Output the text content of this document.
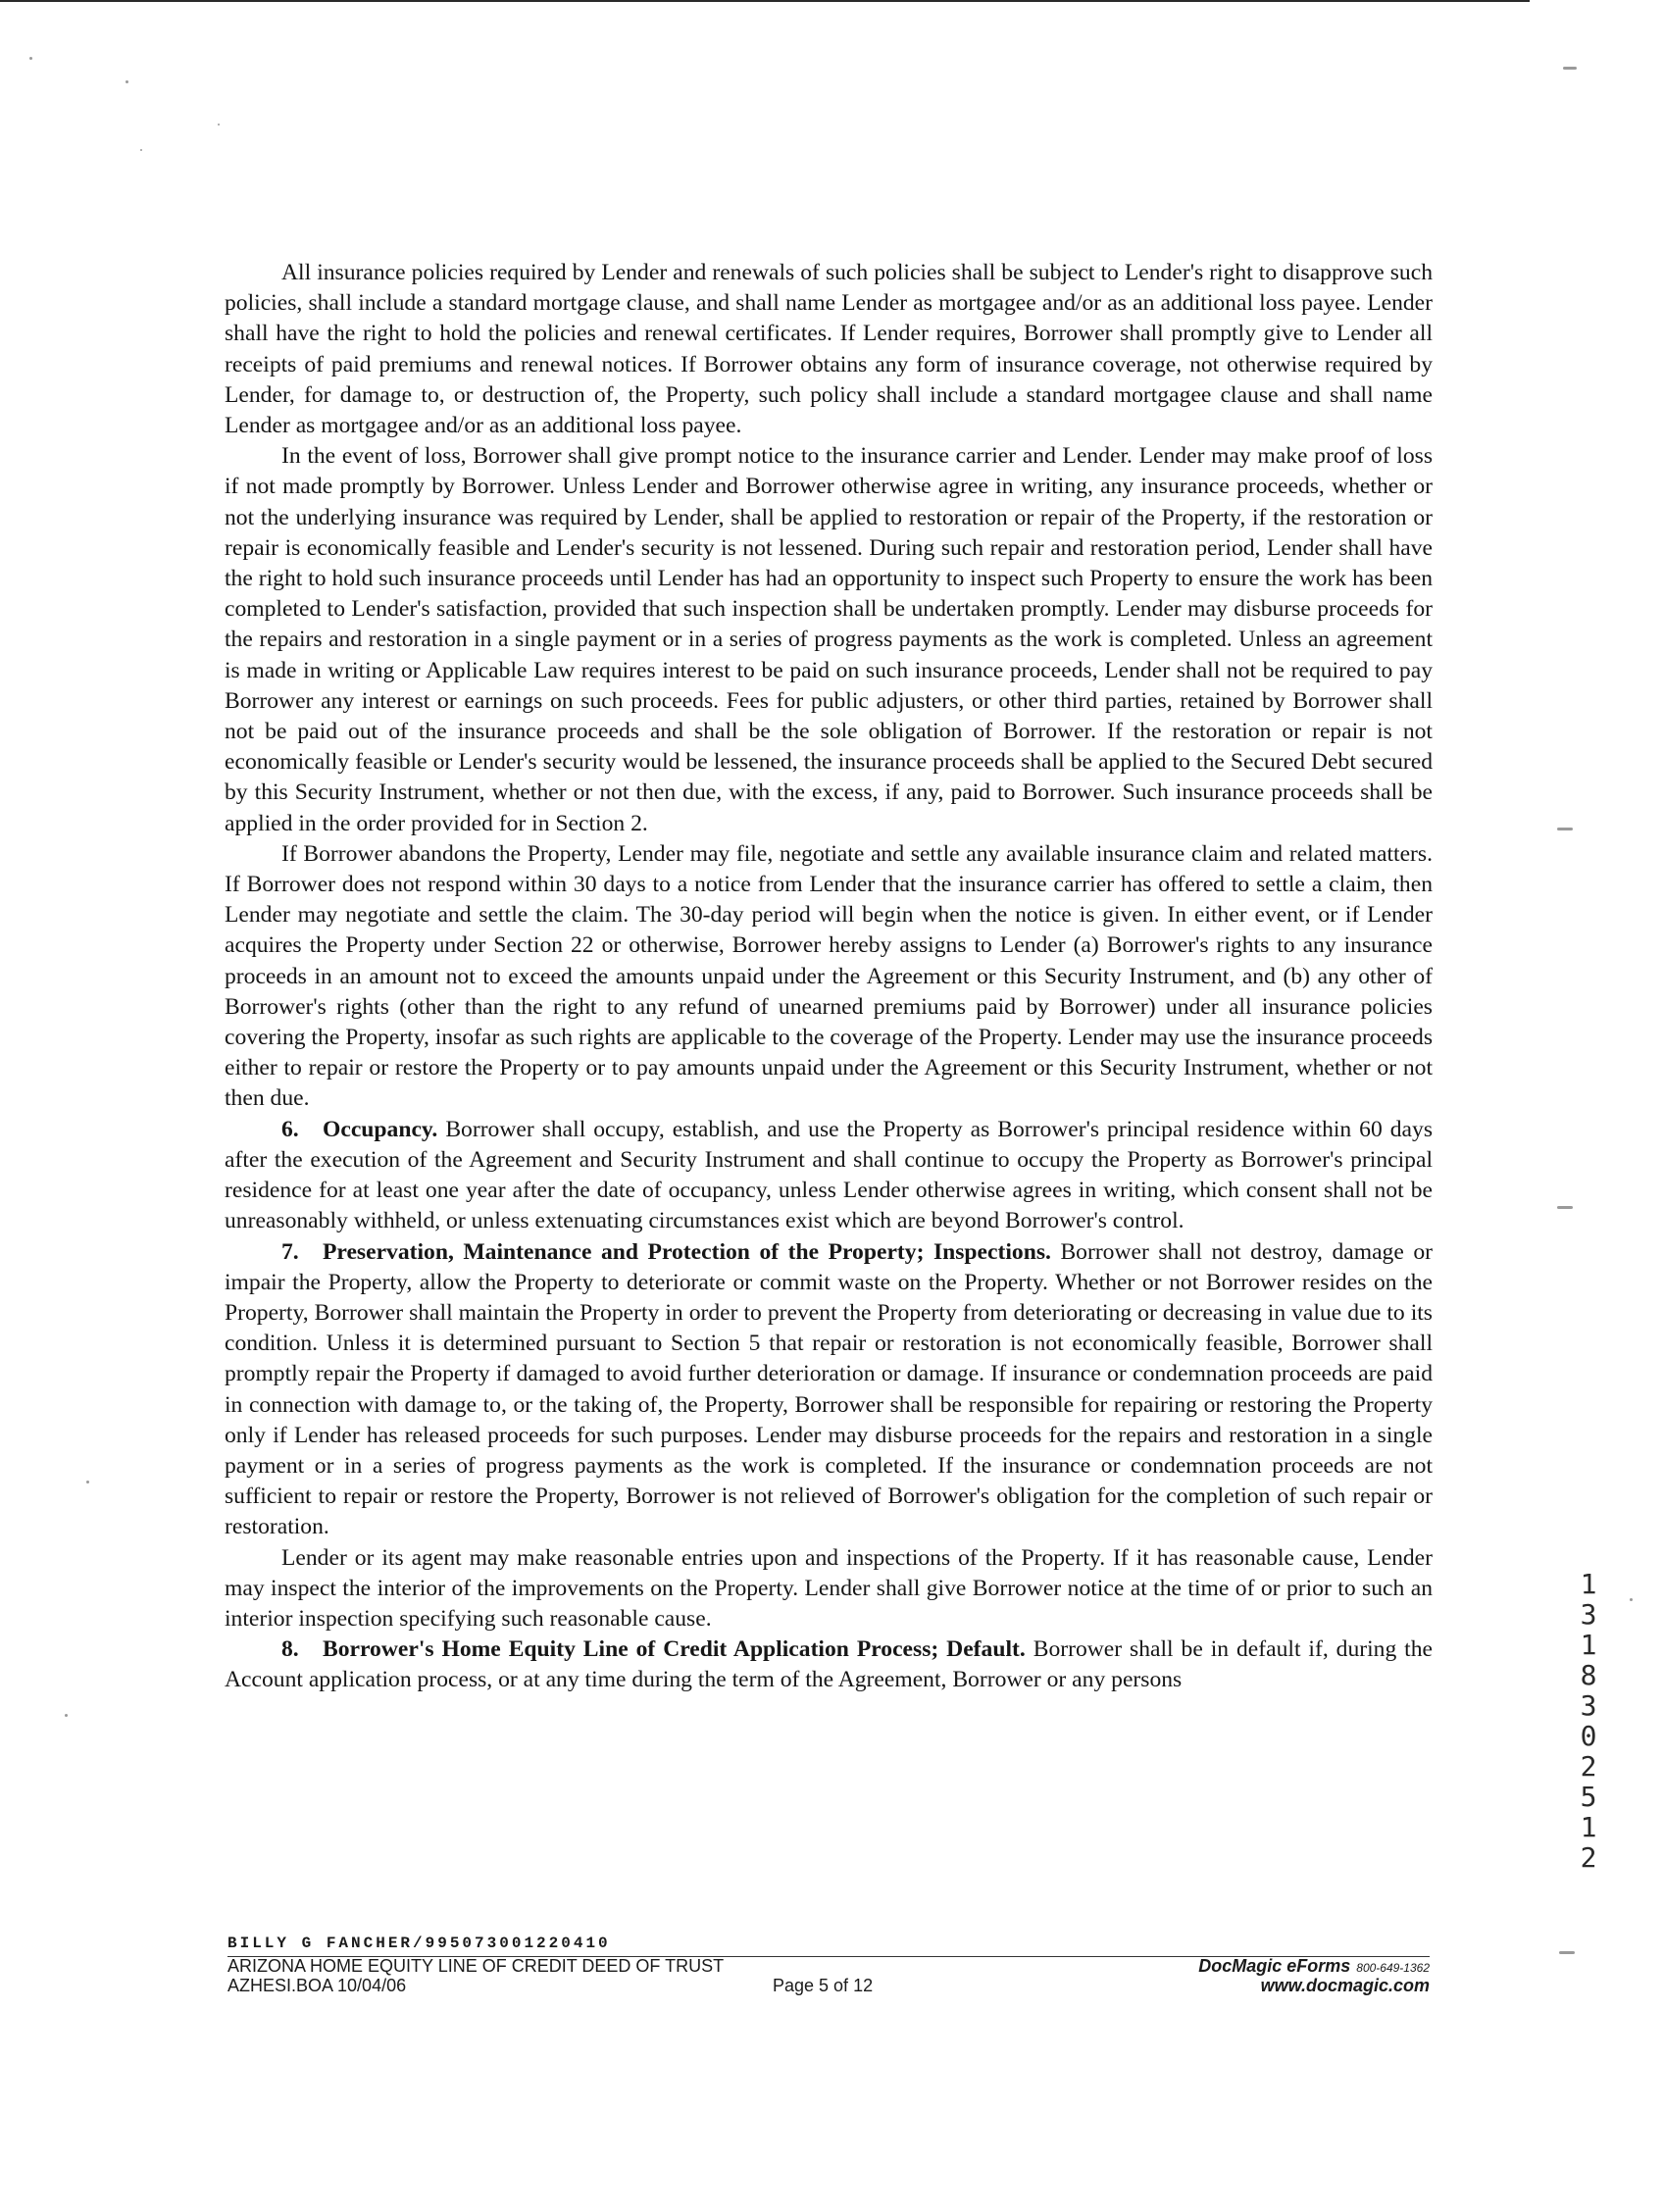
All insurance policies required by Lender and renewals of such policies shall be subject to Lender's right to disapprove such policies, shall include a standard mortgage clause, and shall name Lender as mortgagee and/or as an additional loss payee. Lender shall have the right to hold the policies and renewal certificates. If Lender requires, Borrower shall promptly give to Lender all receipts of paid premiums and renewal notices. If Borrower obtains any form of insurance coverage, not otherwise required by Lender, for damage to, or destruction of, the Property, such policy shall include a standard mortgagee clause and shall name Lender as mortgagee and/or as an additional loss payee.

In the event of loss, Borrower shall give prompt notice to the insurance carrier and Lender. Lender may make proof of loss if not made promptly by Borrower. Unless Lender and Borrower otherwise agree in writing, any insurance proceeds, whether or not the underlying insurance was required by Lender, shall be applied to restoration or repair of the Property, if the restoration or repair is economically feasible and Lender's security is not lessened. During such repair and restoration period, Lender shall have the right to hold such insurance proceeds until Lender has had an opportunity to inspect such Property to ensure the work has been completed to Lender's satisfaction, provided that such inspection shall be undertaken promptly. Lender may disburse proceeds for the repairs and restoration in a single payment or in a series of progress payments as the work is completed. Unless an agreement is made in writing or Applicable Law requires interest to be paid on such insurance proceeds, Lender shall not be required to pay Borrower any interest or earnings on such proceeds. Fees for public adjusters, or other third parties, retained by Borrower shall not be paid out of the insurance proceeds and shall be the sole obligation of Borrower. If the restoration or repair is not economically feasible or Lender's security would be lessened, the insurance proceeds shall be applied to the Secured Debt secured by this Security Instrument, whether or not then due, with the excess, if any, paid to Borrower. Such insurance proceeds shall be applied in the order provided for in Section 2.

If Borrower abandons the Property, Lender may file, negotiate and settle any available insurance claim and related matters. If Borrower does not respond within 30 days to a notice from Lender that the insurance carrier has offered to settle a claim, then Lender may negotiate and settle the claim. The 30-day period will begin when the notice is given. In either event, or if Lender acquires the Property under Section 22 or otherwise, Borrower hereby assigns to Lender (a) Borrower's rights to any insurance proceeds in an amount not to exceed the amounts unpaid under the Agreement or this Security Instrument, and (b) any other of Borrower's rights (other than the right to any refund of unearned premiums paid by Borrower) under all insurance policies covering the Property, insofar as such rights are applicable to the coverage of the Property. Lender may use the insurance proceeds either to repair or restore the Property or to pay amounts unpaid under the Agreement or this Security Instrument, whether or not then due.

6. Occupancy. Borrower shall occupy, establish, and use the Property as Borrower's principal residence within 60 days after the execution of the Agreement and Security Instrument and shall continue to occupy the Property as Borrower's principal residence for at least one year after the date of occupancy, unless Lender otherwise agrees in writing, which consent shall not be unreasonably withheld, or unless extenuating circumstances exist which are beyond Borrower's control.

7. Preservation, Maintenance and Protection of the Property; Inspections. Borrower shall not destroy, damage or impair the Property, allow the Property to deteriorate or commit waste on the Property. Whether or not Borrower resides on the Property, Borrower shall maintain the Property in order to prevent the Property from deteriorating or decreasing in value due to its condition. Unless it is determined pursuant to Section 5 that repair or restoration is not economically feasible, Borrower shall promptly repair the Property if damaged to avoid further deterioration or damage. If insurance or condemnation proceeds are paid in connection with damage to, or the taking of, the Property, Borrower shall be responsible for repairing or restoring the Property only if Lender has released proceeds for such purposes. Lender may disburse proceeds for the repairs and restoration in a single payment or in a series of progress payments as the work is completed. If the insurance or condemnation proceeds are not sufficient to repair or restore the Property, Borrower is not relieved of Borrower's obligation for the completion of such repair or restoration.

Lender or its agent may make reasonable entries upon and inspections of the Property. If it has reasonable cause, Lender may inspect the interior of the improvements on the Property. Lender shall give Borrower notice at the time of or prior to such an interior inspection specifying such reasonable cause.

8. Borrower's Home Equity Line of Credit Application Process; Default. Borrower shall be in default if, during the Account application process, or at any time during the term of the Agreement, Borrower or any persons

BILLY G FANCHER/995073001220410
ARIZONA HOME EQUITY LINE OF CREDIT DEED OF TRUST	DocMagic eForms 800-649-1362
AZHESI.BOA 10/04/06	Page 5 of 12	www.docmagic.com
1
3
1
8
3
0
2
5
1
2
